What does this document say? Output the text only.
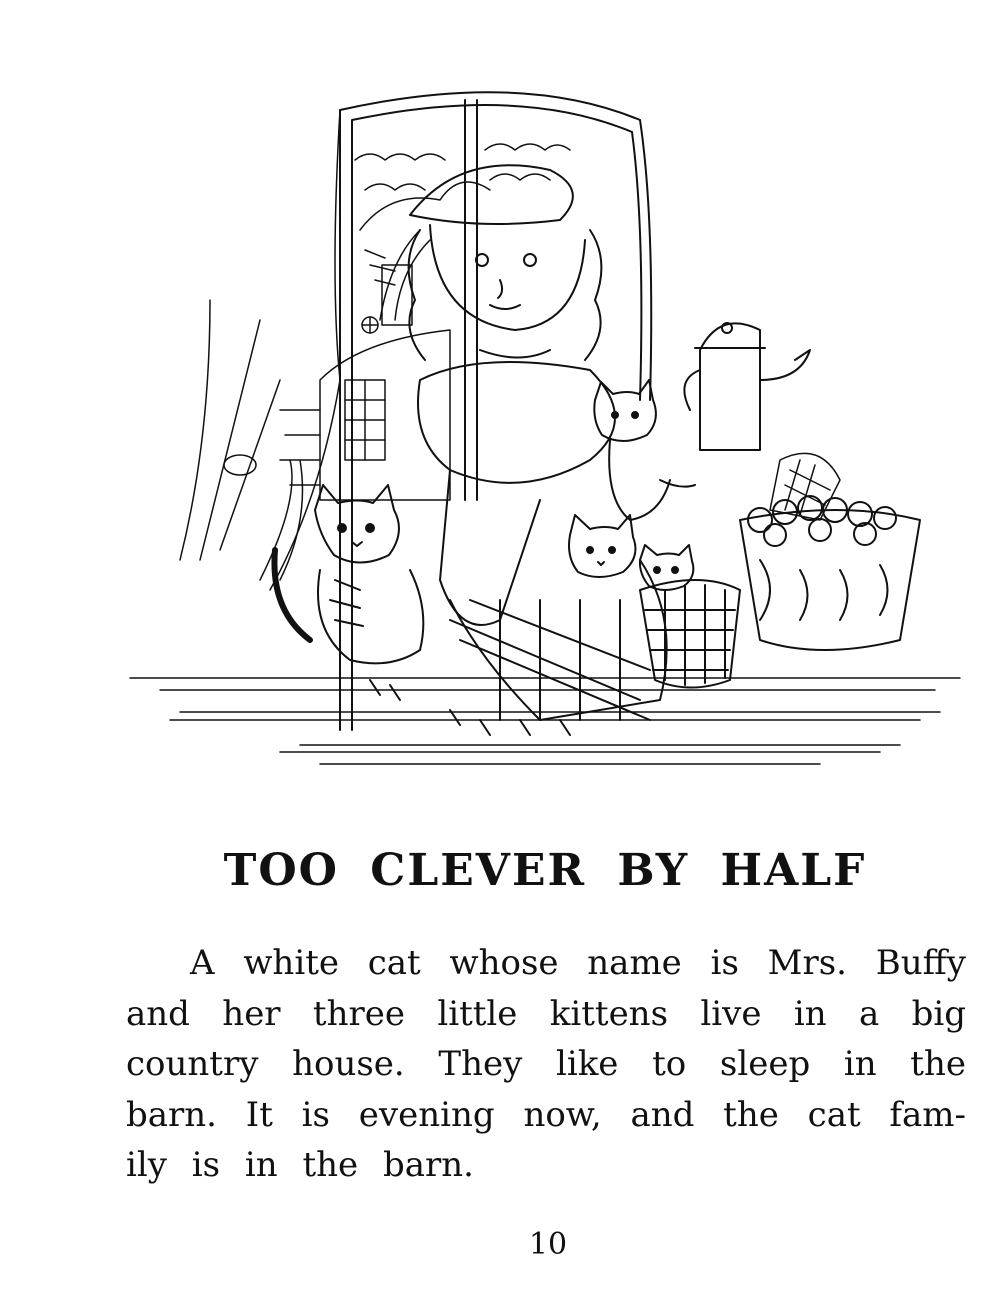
TOO CLEVER BY HALF
A white cat whose name is Mrs. Buffy
and her three little kittens live in a big
country house. They like to sleep in the
barn. It is evening now, and the cat fam-
ily is in the barn.
10
